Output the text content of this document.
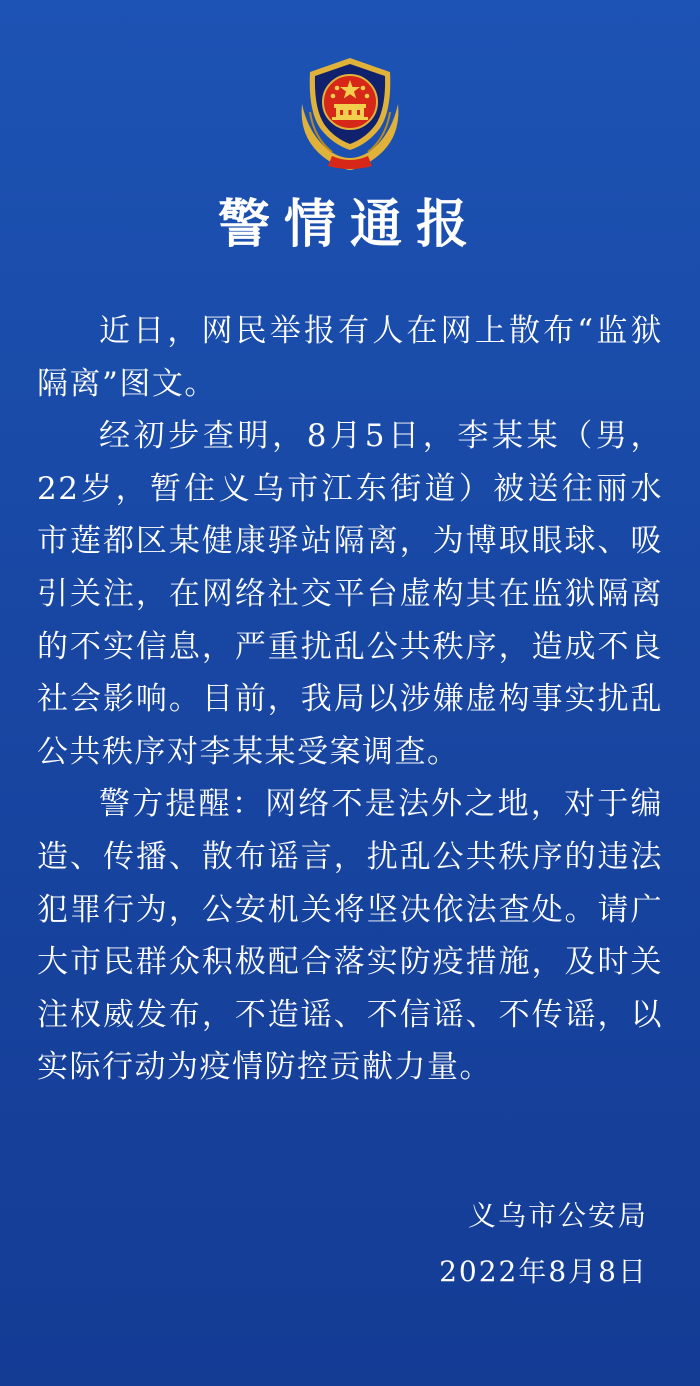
警情通报

近日，网民举报有人在网上散布“监狱隔离”图文。

经初步查明，8月5日，李某某（男，22岁，暂住义乌市江东街道）被送往丽水市莲都区某健康驿站隔离，为博取眼球、吸引关注，在网络社交平台虚构其在监狱隔离的不实信息，严重扰乱公共秩序，造成不良社会影响。目前，我局以涉嫌虚构事实扰乱公共秩序对李某某受案调查。

警方提醒：网络不是法外之地，对于编造、传播、散布谣言，扰乱公共秩序的违法犯罪行为，公安机关将坚决依法查处。请广大市民群众积极配合落实防疫措施，及时关注权威发布，不造谣、不信谣、不传谣，以实际行动为疫情防控贡献力量。

义乌市公安局
2022年8月8日
